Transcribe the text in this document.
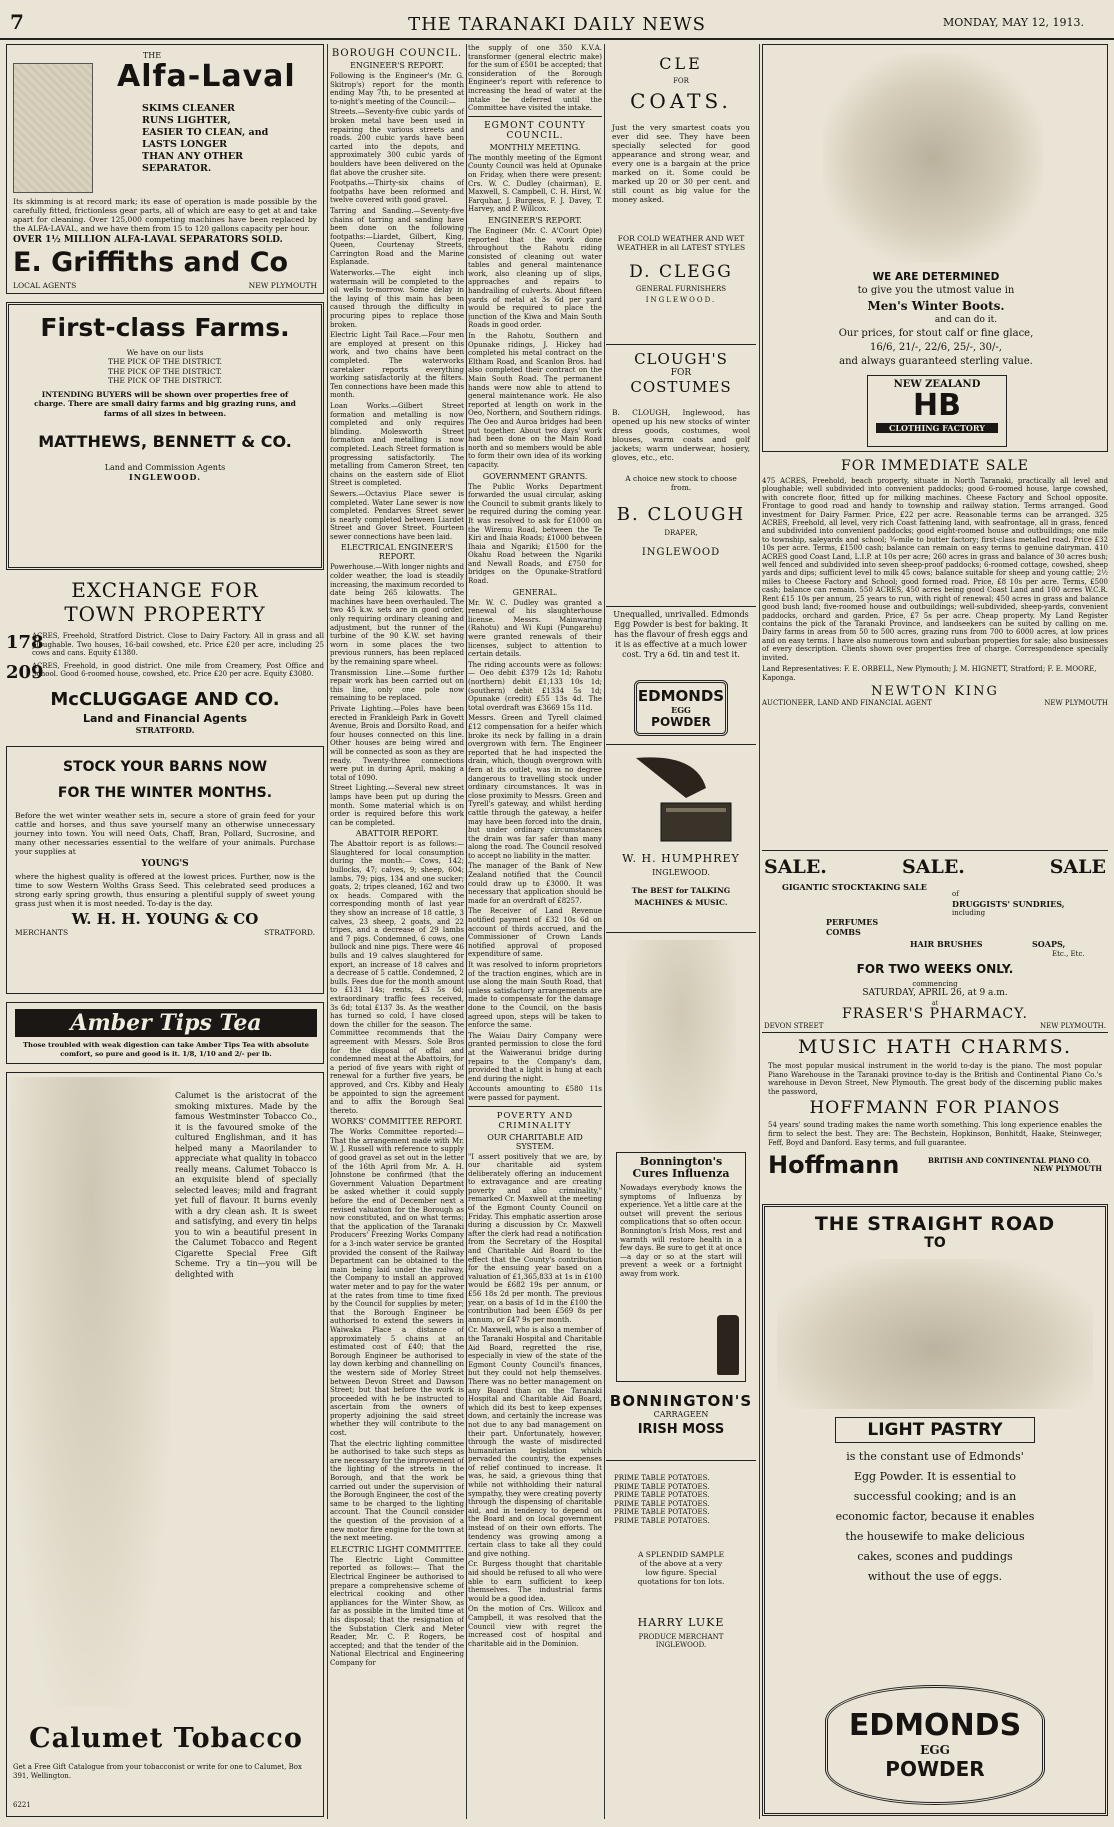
7	THE TARANAKI DAILY NEWS	MONDAY, MAY 12, 1913.
THE
Alfa-Laval
SKIMS CLEANER
RUNS LIGHTER,
EASIER TO CLEAN, and
LASTS LONGER
THAN ANY OTHER
SEPARATOR.
Its skimming is at record mark; its ease of operation is made possible by the carefully fitted, frictionless gear parts, all of which are easy to get at and take apart for cleaning. Over 125,000 competing machines have been replaced by the ALFA-LAVAL, and we have them from 15 to 120 gallons capacity per hour.
OVER 1½ MILLION ALFA-LAVAL SEPARATORS SOLD.
E. Griffiths and Co
LOCAL AGENTS	NEW PLYMOUTH
First-class Farms.
We have on our lists
THE PICK OF THE DISTRICT.
THE PICK OF THE DISTRICT.
THE PICK OF THE DISTRICT.
INTENDING BUYERS will be shown over properties free of charge. There are small dairy farms and big grazing runs, and farms of all sizes in between.
MATTHEWS, BENNETT & CO.
Land and Commission Agents
INGLEWOOD.
EXCHANGE FOR
TOWN PROPERTY
178
ACRES, Freehold, Stratford District. Close to Dairy Factory. All in grass and all ploughable. Two houses, 16-bail cowshed, etc. Price £20 per acre, including 25 cows and cans. Equity £1380.
209
ACRES, Freehold, in good district. One mile from Creamery, Post Office and School. Good 6-roomed house, cowshed, etc. Price £20 per acre. Equity £3080.
McCLUGGAGE AND CO.
Land and Financial Agents
STRATFORD.
STOCK YOUR BARNS NOW
FOR THE WINTER MONTHS.
Before the wet winter weather sets in, secure a store of grain feed for your cattle and horses, and thus save yourself many an otherwise unnecessary journey into town. You will need Oats, Chaff, Bran, Pollard, Sucrosine, and many other necessaries essential to the welfare of your animals. Purchase your supplies at
YOUNG'S
where the highest quality is offered at the lowest prices. Further, now is the time to sow Western Wolths Grass Seed. This celebrated seed produces a strong early spring growth, thus ensuring a plentiful supply of sweet young grass just when it is most needed. To-day is the day.
W. H. H. YOUNG & CO
MERCHANTS	STRATFORD.
Amber Tips Tea
Those troubled with weak digestion can take Amber Tips Tea with absolute comfort, so pure and good is it. 1/8, 1/10 and 2/- per lb.
Calumet is the aristocrat of the smoking mixtures. Made by the famous Westminster Tobacco Co., it is the favoured smoke of the cultured Englishman, and it has helped many a Maorilander to appreciate what quality in tobacco really means. Calumet Tobacco is an exquisite blend of specially selected leaves; mild and fragrant yet full of flavour. It burns evenly with a dry clean ash. It is sweet and satisfying, and every tin helps you to win a beautiful present in the Calumet Tobacco and Regent Cigarette Special Free Gift Scheme. Try a tin—you will be delighted with
Calumet Tobacco
Get a Free Gift Catalogue from your tobacconist or write for one to Calumet, Box 391, Wellington.
6221
BOROUGH COUNCIL.
ENGINEER'S REPORT.

Following is the Engineer's (Mr. G. Skitrop's) report for the month ending May 7th, to be presented at to-night's meeting of the Council:—

Streets.—Seventy-five cubic yards of broken metal have been used in repairing the various streets and roads. 200 cubic yards have been carted into the depots, and approximately 300 cubic yards of boulders have been delivered on the flat above the crusher site.

Footpaths.—Thirty-six chains of footpaths have been reformed and twelve covered with good gravel.

Tarring and Sanding.—Seventy-five chains of tarring and sanding have been done on the following footpaths:—Liardet, Gilbert, King, Queen, Courtenay Streets, Carrington Road and the Marine Esplanade.

Waterworks.—The eight inch watermain will be completed to the oil wells to-morrow. Some delay in the laying of this main has been caused through the difficulty in procuring pipes to replace those broken.

Electric Light Tail Race.—Four men are employed at present on this work, and two chains have been completed. The waterworks caretaker reports everything working satisfactorily at the filters. Ten connections have been made this month.

Loan Works.—Gilbert Street formation and metalling is now completed and only requires blinding. Molesworth Street formation and metalling is now completed. Leach Street formation is progressing satisfactorily. The metalling from Cameron Street, ten chains on the eastern side of Eliot Street is completed.

Sewers.—Octavius Place sewer is completed. Water Lane sewer is now completed. Pendarves Street sewer is nearly completed between Liardet Street and Gover Street. Fourteen sewer connections have been laid.

ELECTRICAL ENGINEER'S REPORT.

Powerhouse.—With longer nights and colder weather, the load is steadily increasing, the maximum recorded to date being 265 kilowatts. The machines have been overhauled. The two 45 k.w. sets are in good order, only requiring ordinary cleaning and adjustment, but the runner of the turbine of the 90 K.W. set having worn in some places the two previous runners, has been replaced by the remaining spare wheel.

Transmission Line.—Some further repair work has been carried out on this line, only one pole now remaining to be replaced.

Private Lighting.—Poles have been erected in Frankleigh Park in Govett Avenue, Brois and Dorsilto Road, and four houses connected on this line. Other houses are being wired and will be connected as soon as they are ready. Twenty-three connections were put in during April, making a total of 1090.

Street Lighting.—Several new street lamps have been put up during the month. Some material which is on order is required before this work can be completed.

ABATTOIR REPORT.

The Abattoir report is as follows:—Slaughtered for local consumption during the month:— Cows, 142; bullocks, 47; calves, 9; sheep, 604; lambs, 79; pigs, 134 and one sucker; goats, 2; tripes cleaned, 162 and two ox heads. Compared with the corresponding month of last year they show an increase of 18 cattle, 3 calves, 23 sheep, 2 goats, and 22 tripes, and a decrease of 29 lambs and 7 pigs. Condemned, 6 cows, one bullock and nine pigs. There were 46 bulls and 19 calves slaughtered for export, an increase of 18 calves and a decrease of 5 cattle. Condemned, 2 bulls. Fees due for the month amount to £131 14s; rents, £3 5s 6d; extraordinary traffic fees received, 3s 6d; total £137 3s. As the weather has turned so cold, I have closed down the chiller for the season. The Committee recommends that the agreement with Messrs. Sole Bros for the disposal of offal and condemned meat at the Abattoirs, for a period of five years with right of renewal for a further five years, be approved, and Crs. Kibby and Healy be appointed to sign the agreement and to affix the Borough Seal thereto.

WORKS' COMMITTEE REPORT.

The Works Committee reported:— That the arrangement made with Mr. W. J. Russell with reference to supply of good gravel as set out in the letter of the 16th April from Mr. A. H. Johnstone be confirmed (that the Government Valuation Department be asked whether it could supply before the end of December next a revised valuation for the Borough as now constituted, and on what terms; that the application of the Taranaki Producers' Freezing Works Company for a 3-inch water service be granted provided the consent of the Railway Department can be obtained to the main being laid under the railway, the Company to install an approved water meter and to pay for the water at the rates from time to time fixed by the Council for supplies by meter; that the Borough Engineer be authorised to extend the sewers in Waiwaka Place a distance of approximately 5 chains at an estimated cost of £40; that the Borough Engineer be authorised to lay down kerbing and channelling on the western side of Morley Street between Devon Street and Dawson Street; but that before the work is proceeded with he be instructed to ascertain from the owners of property adjoining the said street whether they will contribute to the cost.

That the electric lighting committee be authorised to take such steps as are necessary for the improvement of the lighting of the streets in the Borough, and that the work be carried out under the supervision of the Borough Engineer, the cost of the same to be charged to the lighting account. That the Council consider the question of the provision of a new motor fire engine for the town at the next meeting.

ELECTRIC LIGHT COMMITTEE.

The Electric Light Committee reported as follows:— That the Electrical Engineer be authorised to prepare a comprehensive scheme of electrical cooking and other appliances for the Winter Show, as far as possible in the limited time at his disposal; that the resignation of the Substation Clerk and Meter Reader, Mr. C. P. Rogers, be accepted; and that the tender of the National Electrical and Engineering Company for

the supply of one 350 K.V.A. transformer (general electric make) for the sum of £501 be accepted; that consideration of the Borough Engineer's report with reference to increasing the head of water at the intake be deferred until the Committee have visited the intake.

EGMONT COUNTY COUNCIL.
MONTHLY MEETING.

The monthly meeting of the Egmont County Council was held at Opunake on Friday, when there were present: Crs. W. C. Dudley (chairman), E. Maxwell, S. Campbell, C. H. Hirst, W. Farquhar, J. Burgess, F. J. Davey, T. Harvey, and P. Willcox.

ENGINEER'S REPORT.

The Engineer (Mr. C. A'Court Opie) reported that the work done throughout the Rahotu riding consisted of cleaning out water tables and general maintenance work, also cleaning up of slips, approaches and repairs to handrailing of culverts. About fifteen yards of metal at 3s 6d per yard would be required to place the junction of the Kiwa and Main South Roads in good order.

In the Rahotu, Southern and Opunake ridings, J. Hickey had completed his metal contract on the Eltham Road, and Scanlon Bros. had also completed their contract on the Main South Road. The permanent hands were now able to attend to general maintenance work. He also reported at length on work in the Oeo, Northern, and Southern ridings. The Oeo and Auroa bridges had been put together. About two days' work had been done on the Main Road north and so members would be able to form their own idea of its working capacity.

GOVERNMENT GRANTS.

The Public Works Department forwarded the usual circular, asking the Council to submit grants likely to be required during the coming year. It was resolved to ask for £1000 on the Wiremu Road, between the Te Kiri and Ihaia Roads; £1000 between Ihaia and Ngariki; £1500 for the Okahu Road between the Ngariki and Newall Roads, and £750 for bridges on the Opunake-Stratford Road.

GENERAL.

Mr. W. C. Dudley was granted a renewal of his slaughterhouse license. Messrs. Mainwaring (Rahotu) and Wi Kupi (Pungarehu) were granted renewals of their licenses, subject to attention to certain details.

The riding accounts were as follows:— Oeo debit £379 12s 1d; Rahotu (northern) debit £1,133 10s 1d; (southern) debit £1334 5s 1d; Opunake (credit) £55 13s 4d. The total overdraft was £3669 15s 11d.

Messrs. Green and Tyrell claimed £12 compensation for a heifer which broke its neck by falling in a drain overgrown with fern. The Engineer reported that he had inspected the drain, which, though overgrown with fern at its outlet, was in no degree dangerous to travelling stock under ordinary circumstances. It was in close proximity to Messrs. Green and Tyrell's gateway, and whilst herding cattle through the gateway, a heifer may have been forced into the drain, but under ordinary circumstances the drain was far safer than many along the road. The Council resolved to accept no liability in the matter.

The manager of the Bank of New Zealand notified that the Council could draw up to £3000. It was necessary that application should be made for an overdraft of £8257.

The Receiver of Land Revenue notified payment of £32 10s 6d on account of thirds accrued, and the Commissioner of Crown Lands notified approval of proposed expenditure of same.

It was resolved to inform proprietors of the traction engines, which are in use along the main South Road, that unless satisfactory arrangements are made to compensate for the damage done to the Council, on the basis agreed upon, steps will be taken to enforce the same.

The Waiau Dairy Company were granted permission to close the ford at the Waiweranui bridge during repairs to the Company's dam, provided that a light is hung at each end during the night.

Accounts amounting to £580 11s were passed for payment.

POVERTY AND CRIMINALITY
OUR CHARITABLE AID SYSTEM.

"I assert positively that we are, by our charitable aid system deliberately offering an inducement to extravagance and are creating poverty and also criminality," remarked Cr. Maxwell at the meeting of the Egmont County Council on Friday. This emphatic assertion arose during a discussion by Cr. Maxwell after the clerk had read a notification from the Secretary of the Hospital and Charitable Aid Board to the effect that the County's contribution for the ensuing year based on a valuation of £1,365,833 at 1s in £100 would be £682 19s per annum, or £56 18s 2d per month. The previous year, on a basis of 1d in the £100 the contribution had been £569 8s per annum, or £47 9s per month.

Cr. Maxwell, who is also a member of the Taranaki Hospital and Charitable Aid Board, regretted the rise, especially in view of the state of the Egmont County Council's finances, but they could not help themselves. There was no better management on any Board than on the Taranaki Hospital and Charitable Aid Board, which did its best to keep expenses down, and certainly the increase was not due to any bad management on their part. Unfortunately, however, through the waste of misdirected humanitarian legislation which pervaded the country, the expenses of relief continued to increase. It was, he said, a grievous thing that while not withholding their natural sympathy, they were creating poverty through the dispensing of charitable aid, and in tendency to depend on the Board and on local government instead of on their own efforts. The tendency was growing among a certain class to take all they could and give nothing.

Cr. Burgess thought that charitable aid should be refused to all who were able to earn sufficient to keep themselves. The industrial farms would be a good idea.

On the motion of Crs. Willcox and Campbell, it was resolved that the Council view with regret the increased cost of hospital and charitable aid in the Dominion.

CLE
FOR
COATS.
Just the very smartest coats you ever did see. They have been specially selected for good appearance and strong wear, and every one is a bargain at the price marked on it. Some could be marked up 20 or 30 per cent. and still count as big value for the money asked.
FOR COLD WEATHER AND WET WEATHER in all LATEST STYLES
D. CLEGG
GENERAL FURNISHERS
INGLEWOOD.
CLOUGH'S
FOR
COSTUMES
B. CLOUGH, Inglewood, has opened up his new stocks of winter dress goods, costumes, wool blouses, warm coats and golf jackets; warm underwear, hosiery, gloves, etc., etc.
A choice new stock to choose from.
B. CLOUGH
DRAPER,
INGLEWOOD
Unequalled, unrivalled. Edmonds Egg Powder is best for baking. It has the flavour of fresh eggs and it is as effective at a much lower cost. Try a 6d. tin and test it.
EDMONDS
EGG
POWDER
W. H. HUMPHREY
INGLEWOOD.
The BEST for TALKING MACHINES & MUSIC.
Bonnington's Cures Influenza
Nowadays everybody knows the symptoms of Influenza by experience. Yet a little care at the outset will prevent the serious complications that so often occur. Bonnington's Irish Moss, rest and warmth will restore health in a few days. Be sure to get it at once—a day or so at the start will prevent a week or a fortnight away from work.
BONNINGTON'S
CARRAGEEN
IRISH MOSS
PRIME TABLE POTATOES.
PRIME TABLE POTATOES.
PRIME TABLE POTATOES.
PRIME TABLE POTATOES.
PRIME TABLE POTATOES.
PRIME TABLE POTATOES.
A SPLENDID SAMPLE of the above at a very low figure. Special quotations for ton lots.
HARRY LUKE
PRODUCE MERCHANT
INGLEWOOD.
WE ARE DETERMINED
to give you the utmost value in
Men's Winter Boots.
and can do it.
Our prices, for stout calf or fine glace,
16/6, 21/-, 22/6, 25/-, 30/-,
and always guaranteed sterling value.
NEW ZEALAND
HB
CLOTHING FACTORY
FOR IMMEDIATE SALE
475 ACRES, Freehold, beach property, situate in North Taranaki, practically all level and ploughable; well subdivided into convenient paddocks; good 6-roomed house, large cowshed, with concrete floor, fitted up for milking machines. Cheese Factory and School opposite. Frontage to good road and handy to township and railway station. Terms arranged. Good investment for Dairy Farmer. Price, £22 per acre. Reasonable terms can be arranged. 325 ACRES, Freehold, all level, very rich Coast fattening land, with seafrontage, all in grass, fenced and subdivided into convenient paddocks; good eight-roomed house and outbuildings; one mile to township, saleyards and school; ¾-mile to butter factory; first-class metalled road. Price £32 10s per acre. Terms, £1500 cash; balance can remain on easy terms to genuine dairyman. 410 ACRES good Coast Land, L.I.P. at 10s per acre; 260 acres in grass and balance of 30 acres bush; well fenced and subdivided into seven sheep-proof paddocks; 6-roomed cottage, cowshed, sheep yards and dips; sufficient level to milk 45 cows; balance suitable for sheep and young cattle; 2½ miles to Cheese Factory and School; good formed road. Price, £8 10s per acre. Terms, £500 cash; balance can remain. 550 ACRES, 450 acres being good Coast Land and 100 acres W.C.R. Rent £15 10s per annum, 25 years to run, with right of renewal; 450 acres in grass and balance good bush land; five-roomed house and outbuildings; well-subdivided, sheep-yards, convenient paddocks, orchard and garden. Price, £7 5s per acre. Cheap property. My Land Register contains the pick of the Taranaki Province, and landseekers can be suited by calling on me. Dairy farms in areas from 50 to 500 acres, grazing runs from 700 to 6000 acres, at low prices and on easy terms. I have also numerous town and suburban properties for sale; also businesses of every description. Clients shown over properties free of charge. Correspondence specially invited.
Land Representatives: F. E. ORBELL, New Plymouth; J. M. HIGNETT, Stratford; F. E. MOORE, Kaponga.
NEWTON KING
AUCTIONEER, LAND AND FINANCIAL AGENT	NEW PLYMOUTH
SALE.	SALE.	SALE
GIGANTIC STOCKTAKING SALE
of
DRUGGISTS' SUNDRIES,
including
PERFUMES
COMBS
HAIR BRUSHES	SOAPS,
Etc., Etc.
FOR TWO WEEKS ONLY.
commencing
SATURDAY, APRIL 26, at 9 a.m.
at
FRASER'S PHARMACY.
DEVON STREET	NEW PLYMOUTH.
MUSIC HATH CHARMS.
The most popular musical instrument in the world to-day is the piano. The most popular Piano Warehouse in the Taranaki province to-day is the British and Continental Piano Co.'s warehouse in Devon Street, New Plymouth. The great body of the discerning public makes the password,
HOFFMANN FOR PIANOS
54 years' sound trading makes the name worth something. This long experience enables the firm to select the best. They are: The Bechstein, Hopkinson, Bonhitdt, Haake, Steinweger, Feff, Boyd and Danford. Easy terms, and full guarantee.
Hoffmann	BRITISH AND CONTINENTAL PIANO CO.
NEW PLYMOUTH
THE STRAIGHT ROAD
TO
LIGHT PASTRY
is the constant use of Edmonds' Egg Powder. It is essential to successful cooking; and is an economic factor, because it enables the housewife to make delicious cakes, scones and puddings without the use of eggs.
EDMONDS
EGG
POWDER
